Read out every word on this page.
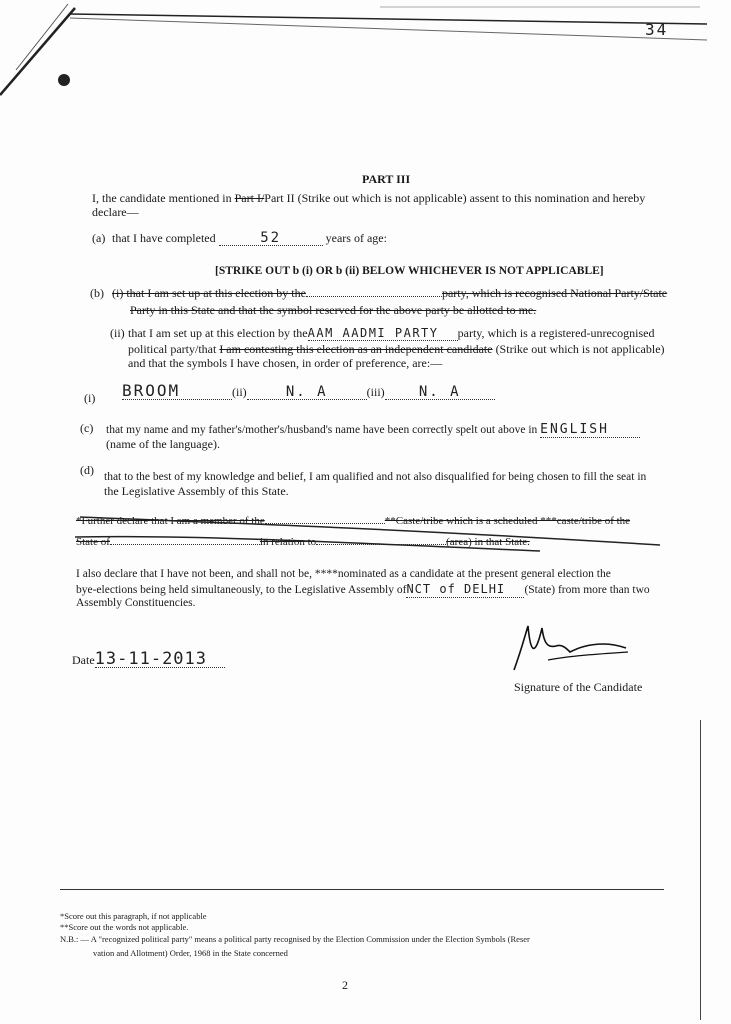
34
PART III
I, the candidate mentioned in Part I/Part II (Strike out which is not applicable) assent to this nomination and hereby
declare—
(a) that I have completed	52	years of age:
[STRIKE OUT b (i) OR b (ii) BELOW WHICHEVER IS NOT APPLICABLE]
(b) (i) that I am set up at this election by the	party, which is recognised National Party/State
Party in this State and that the symbol reserved for the above party be allotted to me.
(ii) that I am set up at this election by theAAM AADMI PARTY party, which is a registered-unrecognised
political party/that I am contesting this election as an independent candidate (Strike out which is not applicable)
and that the symbols I have chosen, in order of preference, are:—
(i) BROOM	(ii)	N. A	(iii) N. A
(c) that my name and my father's/mother's/husband's name have been correctly spelt out above in ENGLISH
(name of the language).
(d) that to the best of my knowledge and belief, I am qualified and not also disqualified for being chosen to fill the seat in
the Legislative Assembly of this State.
*Further declare that I am a member of the	**Caste/tribe which is a scheduled ***caste/tribe of the
State of	in relation to	(area) in that State.
I also declare that I have not been, and shall not be, ****nominated as a candidate at the present general election the
bye-elections being held simultaneously, to the Legislative Assembly ofNCT of DELHI (State) from more than two
Assembly Constituencies.
Date13-11-2013
Signature of the Candidate
*Score out this paragraph, if not applicable
**Score out the words not applicable.
N.B.: — A "recognized political party" means a political party recognised by the Election Commission under the Election Symbols (Reser
vation and Allotment) Order, 1968 in the State concerned
2
